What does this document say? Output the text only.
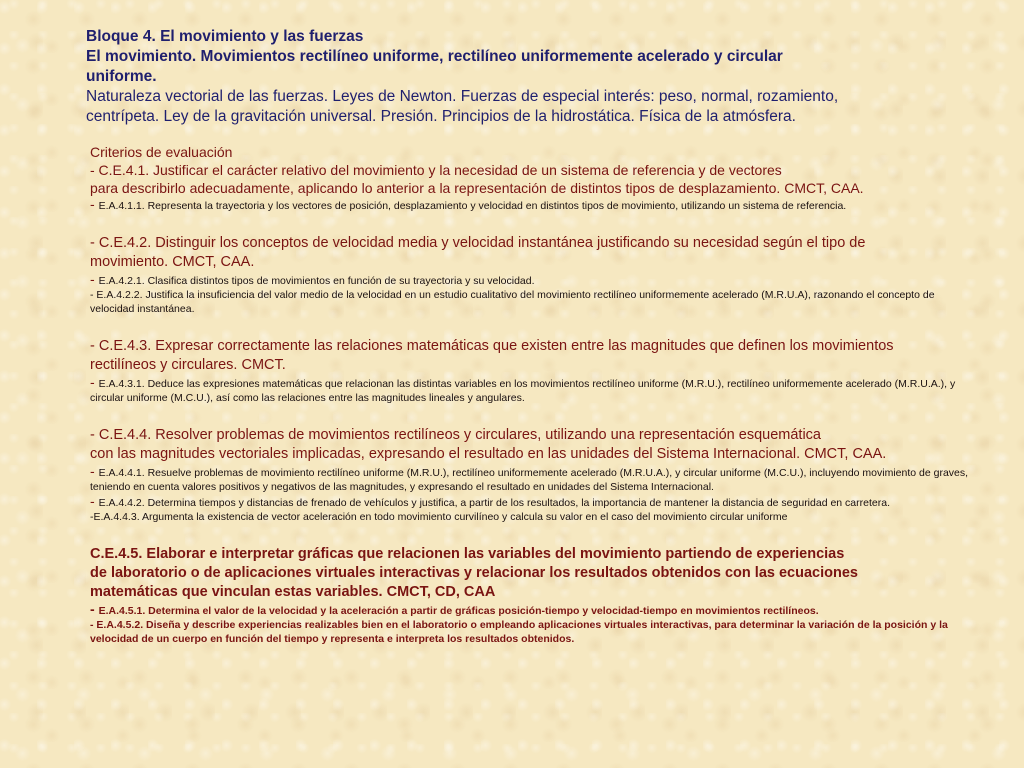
Bloque 4. El movimiento y las fuerzas
El movimiento. Movimientos rectilíneo uniforme, rectilíneo uniformemente acelerado y circular
uniforme.
Naturaleza vectorial de las fuerzas. Leyes de Newton. Fuerzas de especial interés: peso, normal, rozamiento,
centrípeta. Ley de la gravitación universal. Presión. Principios de la hidrostática. Física de la atmósfera.
Criterios de evaluación
- C.E.4.1. Justificar el carácter relativo del movimiento y la necesidad de un sistema de referencia y de vectores
para describirlo adecuadamente, aplicando lo anterior a la representación de distintos tipos de desplazamiento. CMCT, CAA.
- E.A.4.1.1. Representa la trayectoria y los vectores de posición, desplazamiento y velocidad en distintos tipos de movimiento, utilizando un sistema de referencia.
- C.E.4.2. Distinguir los conceptos de velocidad media y velocidad instantánea justificando su necesidad según el tipo de
movimiento. CMCT, CAA.
- E.A.4.2.1. Clasifica distintos tipos de movimientos en función de su trayectoria y su velocidad.
- E.A.4.2.2. Justifica la insuficiencia del valor medio de la velocidad en un estudio cualitativo del movimiento rectilíneo uniformemente acelerado (M.R.U.A), razonando el concepto de velocidad instantánea.
- C.E.4.3. Expresar correctamente las relaciones matemáticas que existen entre las magnitudes que definen los movimientos
rectilíneos y circulares. CMCT.
- E.A.4.3.1. Deduce las expresiones matemáticas que relacionan las distintas variables en los movimientos rectilíneo uniforme (M.R.U.), rectilíneo uniformemente acelerado (M.R.U.A.), y circular uniforme (M.C.U.), así como las relaciones entre las magnitudes lineales y angulares.
- C.E.4.4. Resolver problemas de movimientos rectilíneos y circulares, utilizando una representación esquemática
con las magnitudes vectoriales implicadas, expresando el resultado en las unidades del Sistema Internacional. CMCT, CAA.
- E.A.4.4.1. Resuelve problemas de movimiento rectilíneo uniforme (M.R.U.), rectilíneo uniformemente acelerado (M.R.U.A.), y circular uniforme (M.C.U.), incluyendo movimiento de graves, teniendo en cuenta valores positivos y negativos de las magnitudes, y expresando el resultado en unidades del Sistema Internacional.
- E.A.4.4.2. Determina tiempos y distancias de frenado de vehículos y justifica, a partir de los resultados, la importancia de mantener la distancia de seguridad en carretera.
-E.A.4.4.3. Argumenta la existencia de vector aceleración en todo movimiento curvilíneo y calcula su valor en el caso del movimiento circular uniforme
C.E.4.5. Elaborar e interpretar gráficas que relacionen las variables del movimiento partiendo de experiencias
de laboratorio o de aplicaciones virtuales interactivas y relacionar los resultados obtenidos con las ecuaciones
matemáticas que vinculan estas variables. CMCT, CD, CAA
- E.A.4.5.1. Determina el valor de la velocidad y la aceleración a partir de gráficas posición-tiempo y velocidad-tiempo en movimientos rectilíneos.
- E.A.4.5.2. Diseña y describe experiencias realizables bien en el laboratorio o empleando aplicaciones virtuales interactivas, para determinar la variación de la posición y la velocidad de un cuerpo en función del tiempo y representa e interpreta los resultados obtenidos.
